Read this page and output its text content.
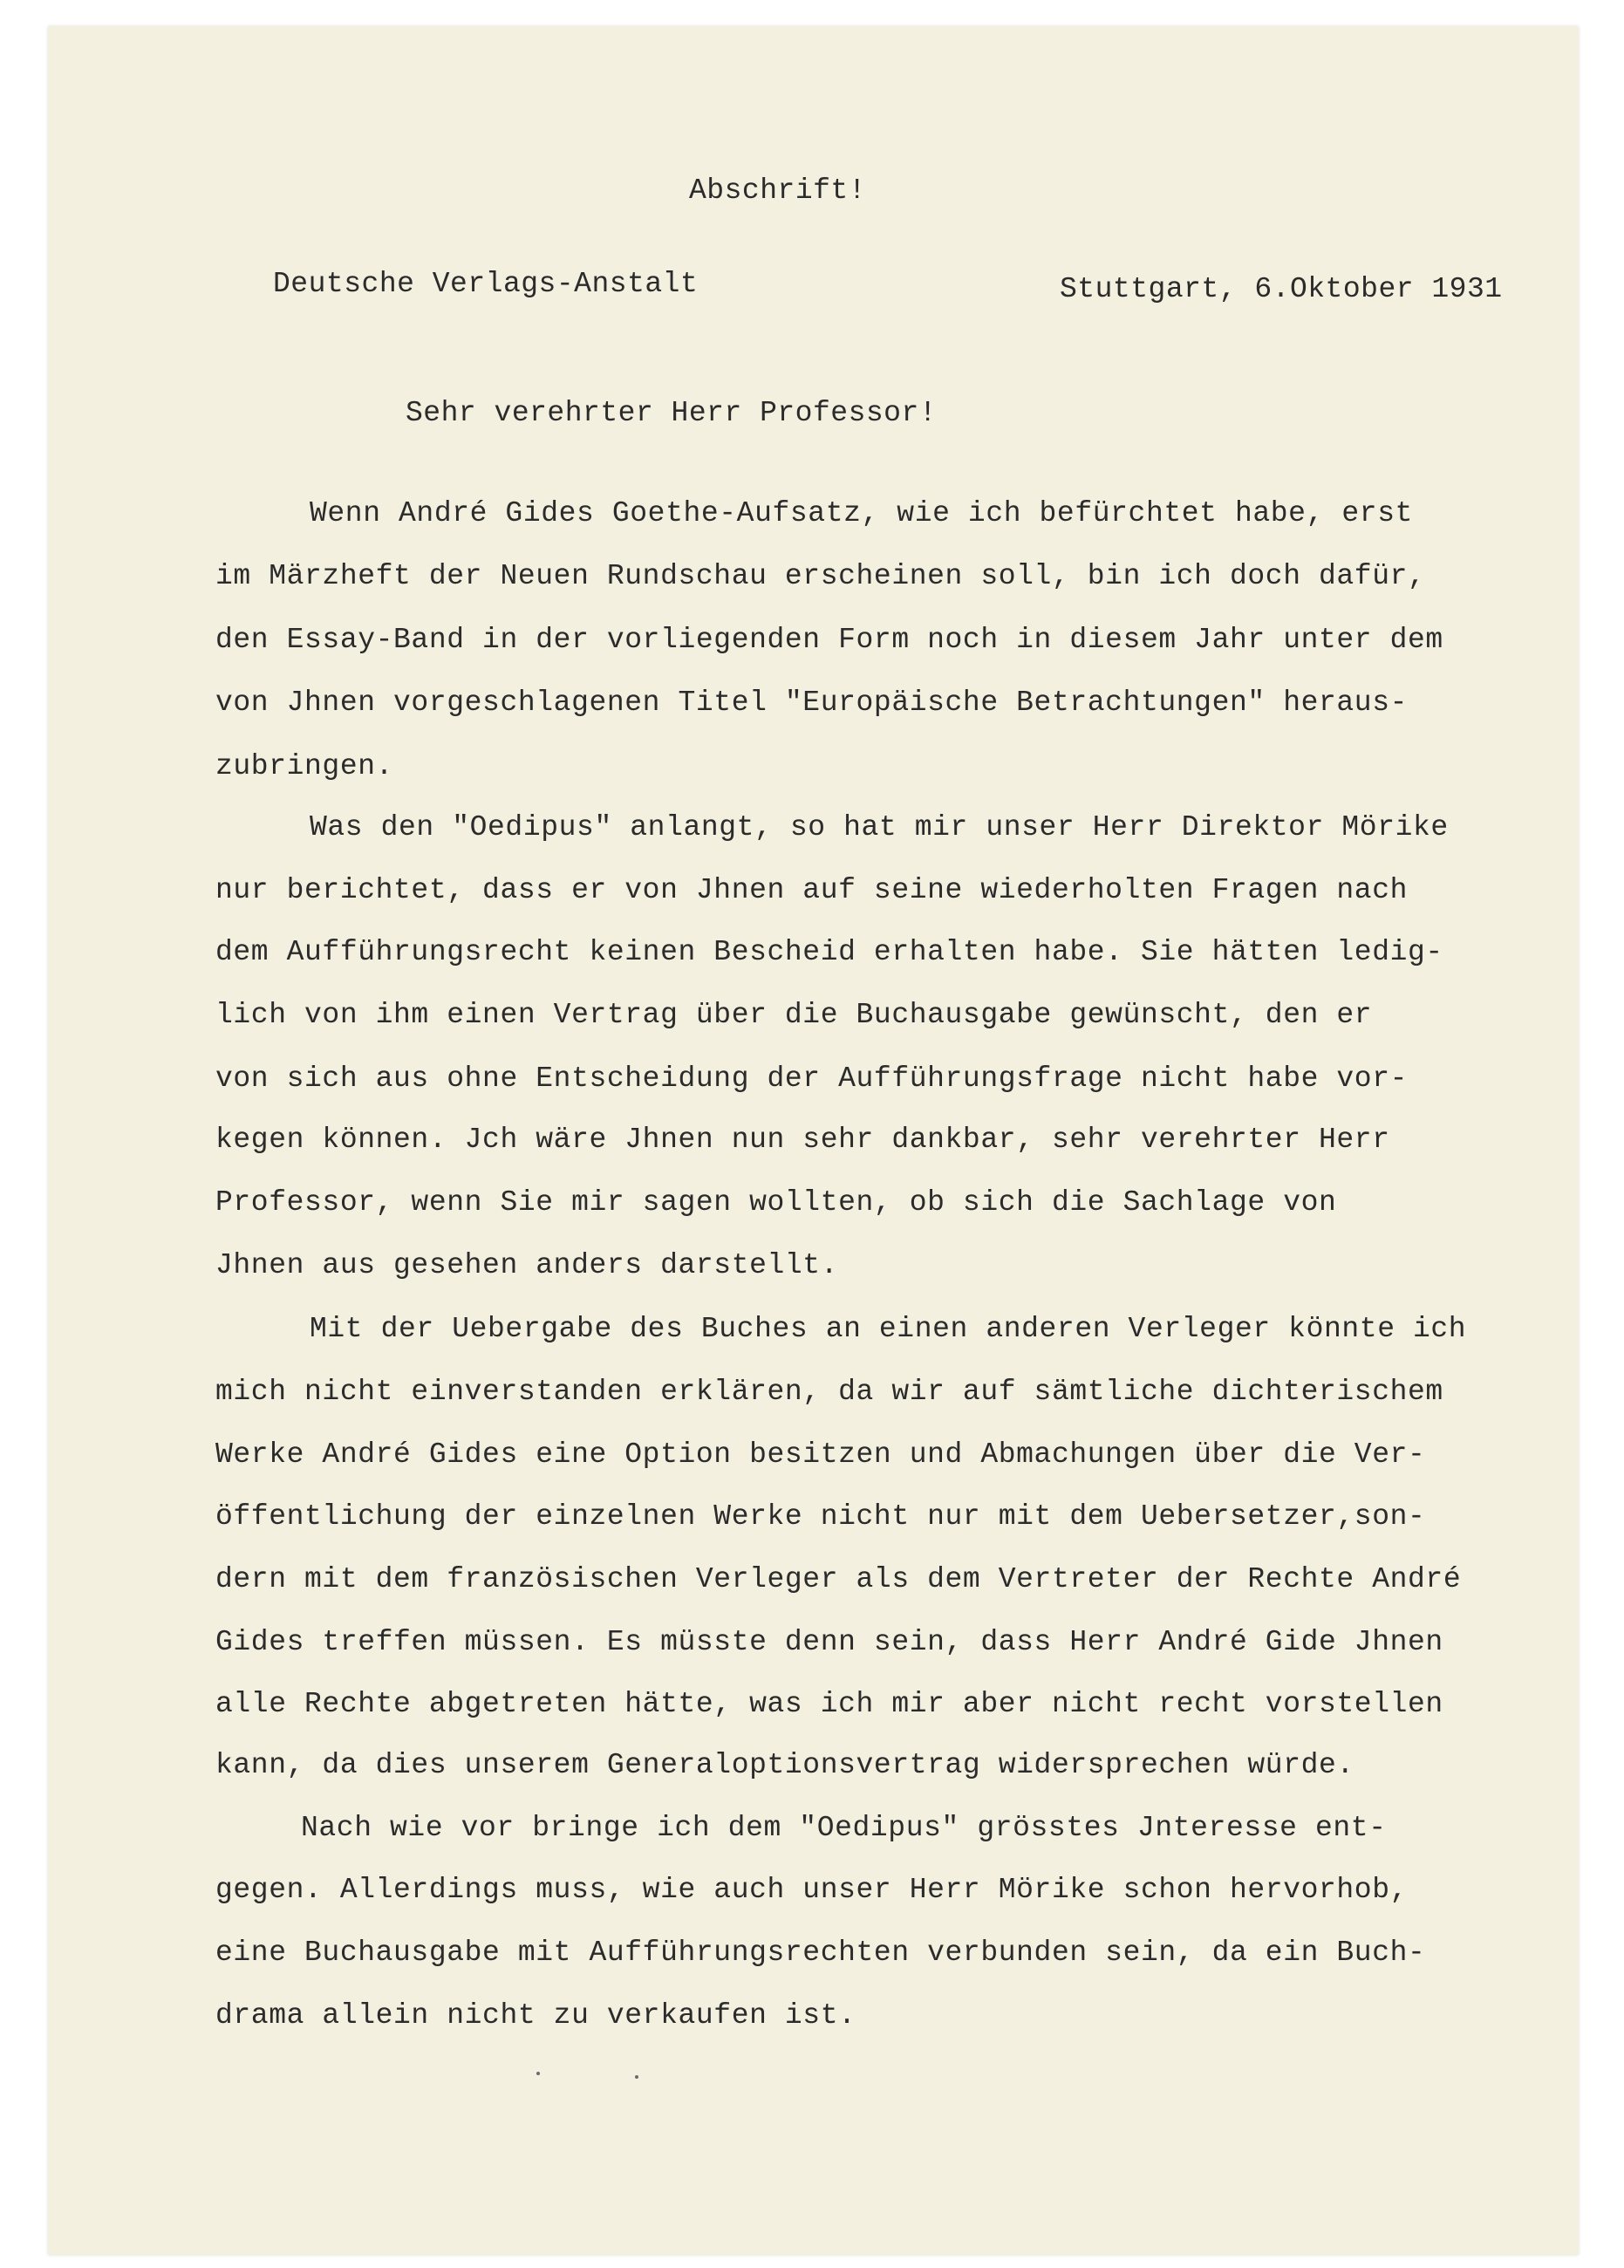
Abschrift!
Deutsche Verlags-Anstalt	Stuttgart, 6.Oktober 1931
Sehr verehrter Herr Professor!
Wenn André Gides Goethe-Aufsatz, wie ich befürchtet habe, erst
im Märzheft der Neuen Rundschau erscheinen soll, bin ich doch dafür,
den Essay-Band in der vorliegenden Form noch in diesem Jahr unter dem
von Jhnen vorgeschlagenen Titel "Europäische Betrachtungen" heraus-
zubringen.
Was den "Oedipus" anlangt, so hat mir unser Herr Direktor Mörike
nur berichtet, dass er von Jhnen auf seine wiederholten Fragen nach
dem Aufführungsrecht keinen Bescheid erhalten habe. Sie hätten ledig-
lich von ihm einen Vertrag über die Buchausgabe gewünscht, den er
von sich aus ohne Entscheidung der Aufführungsfrage nicht habe vor-
kegen können. Jch wäre Jhnen nun sehr dankbar, sehr verehrter Herr
Professor, wenn Sie mir sagen wollten, ob sich die Sachlage von
Jhnen aus gesehen anders darstellt.
Mit der Uebergabe des Buches an einen anderen Verleger könnte ich
mich nicht einverstanden erklären, da wir auf sämtliche dichterischem
Werke André Gides eine Option besitzen und Abmachungen über die Ver-
öffentlichung der einzelnen Werke nicht nur mit dem Uebersetzer,son-
dern mit dem französischen Verleger als dem Vertreter der Rechte André
Gides treffen müssen. Es müsste denn sein, dass Herr André Gide Jhnen
alle Rechte abgetreten hätte, was ich mir aber nicht recht vorstellen
kann, da dies unserem Generaloptionsvertrag widersprechen würde.
Nach wie vor bringe ich dem "Oedipus" grösstes Jnteresse ent-
gegen. Allerdings muss, wie auch unser Herr Mörike schon hervorhob,
eine Buchausgabe mit Aufführungsrechten verbunden sein, da ein Buch-
drama allein nicht zu verkaufen ist.
